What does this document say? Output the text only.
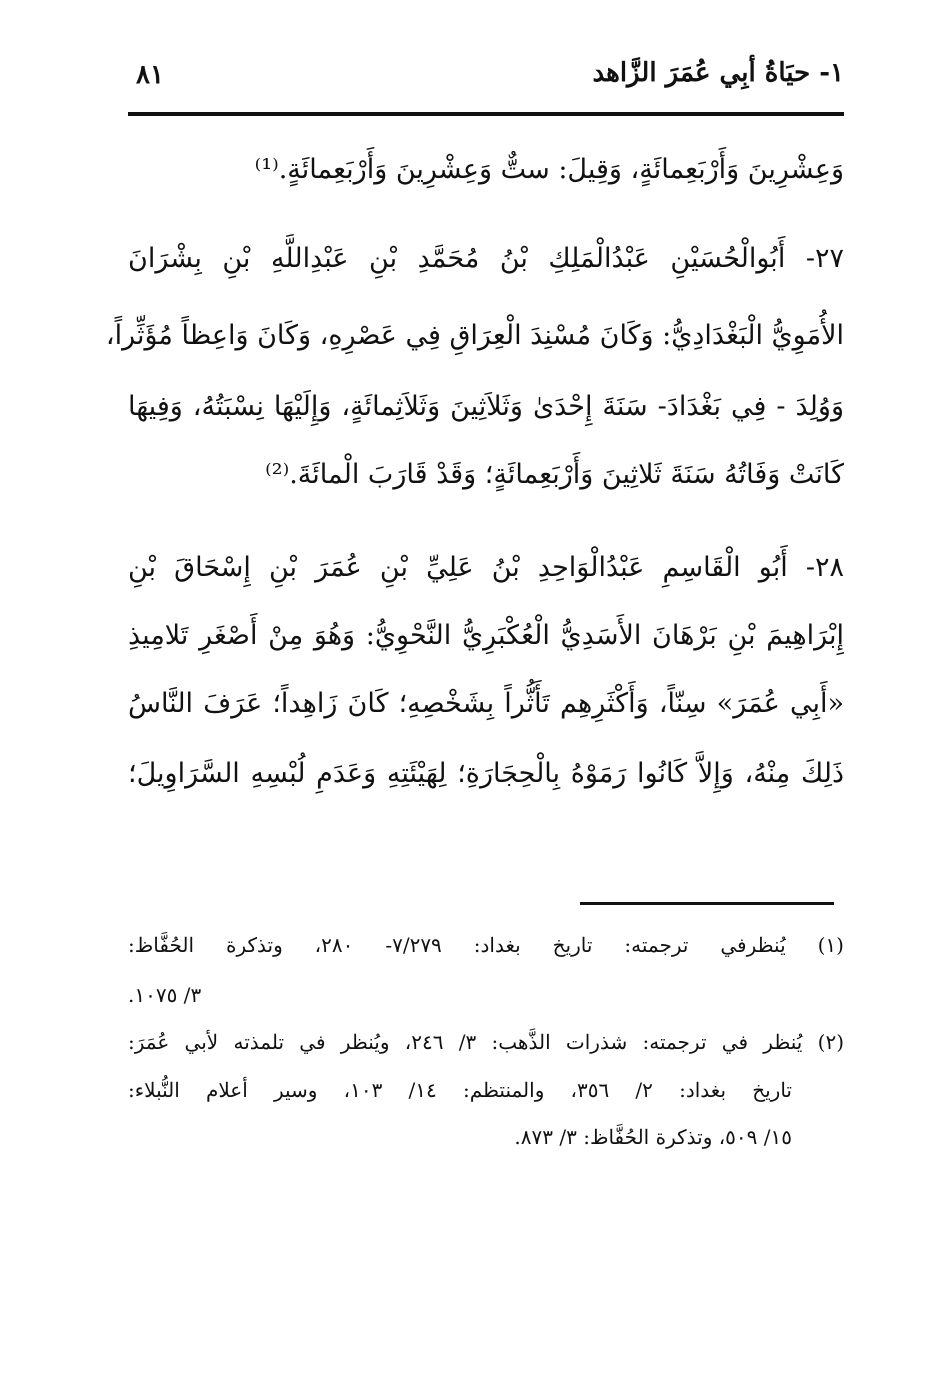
١- حيَاةُ أبِي عُمَرَ الزَّاهد
٨١
وَعِشْرِينَ وَأَرْبَعِمائَةٍ، وَقِيلَ: ستٌّ وَعِشْرِينَ وَأَرْبَعِمائَةٍ.⁽¹⁾
٢٧- أَبُوالْحُسَيْنِ عَبْدُالْمَلِكِ بْنُ مُحَمَّدِ بْنِ عَبْدِاللَّهِ بْنِ بِشْرَانَ
الأُمَوِيُّ الْبَغْدَادِيُّ: وَكَانَ مُسْنِدَ الْعِرَاقِ فِي عَصْرِهِ، وَكَانَ وَاعِظاً مُؤَثِّراً،
وَوُلِدَ - فِي بَغْدَادَ- سَنَةَ إِحْدَىٰ وَثَلاَثِينَ وَثَلاَثِمائَةٍ، وَإِلَيْهَا نِسْبَتُهُ، وَفِيهَا
كَانَتْ وَفَاتُهُ سَنَةَ ثَلاثِينَ وَأَرْبَعِمائَةٍ؛ وَقَدْ قَارَبَ الْمائَةَ.⁽²⁾
٢٨- أَبُو الْقَاسِمِ عَبْدُالْوَاحِدِ بْنُ عَلِيِّ بْنِ عُمَرَ بْنِ إِسْحَاقَ بْنِ
إِبْرَاهِيمَ بْنِ بَرْهَانَ الأَسَدِيُّ الْعُكْبَرِيُّ النَّحْوِيُّ: وَهُوَ مِنْ أَصْغَرِ تَلامِيذِ
«أَبِي عُمَرَ» سِنّاً، وَأَكْثَرِهِم تَأَثُّراً بِشَخْصِهِ؛ كَانَ زَاهِداً؛ عَرَفَ النَّاسُ
ذَلِكَ مِنْهُ، وَإِلاَّ كَانُوا رَمَوْهُ بِالْحِجَارَةِ؛ لِهَيْئَتِهِ وَعَدَمِ لُبْسِهِ السَّرَاوِيلَ؛
(١) يُنظرفي ترجمته: تاريخ بغداد: ٧/٢٧٩- ٢٨٠، وتذكرة الحُفَّاظ:
٣/ ١٠٧٥.
(٢) يُنظر في ترجمته: شذرات الذَّهب: ٣/ ٢٤٦، ويُنظر في تلمذته لأبي عُمَرَ:
تاريخ بغداد: ٢/ ٣٥٦، والمنتظم: ١٤/ ١٠٣، وسير أعلام النُّبلاء:
١٥/ ٥٠٩، وتذكرة الحُفَّاظ: ٣/ ٨٧٣.
